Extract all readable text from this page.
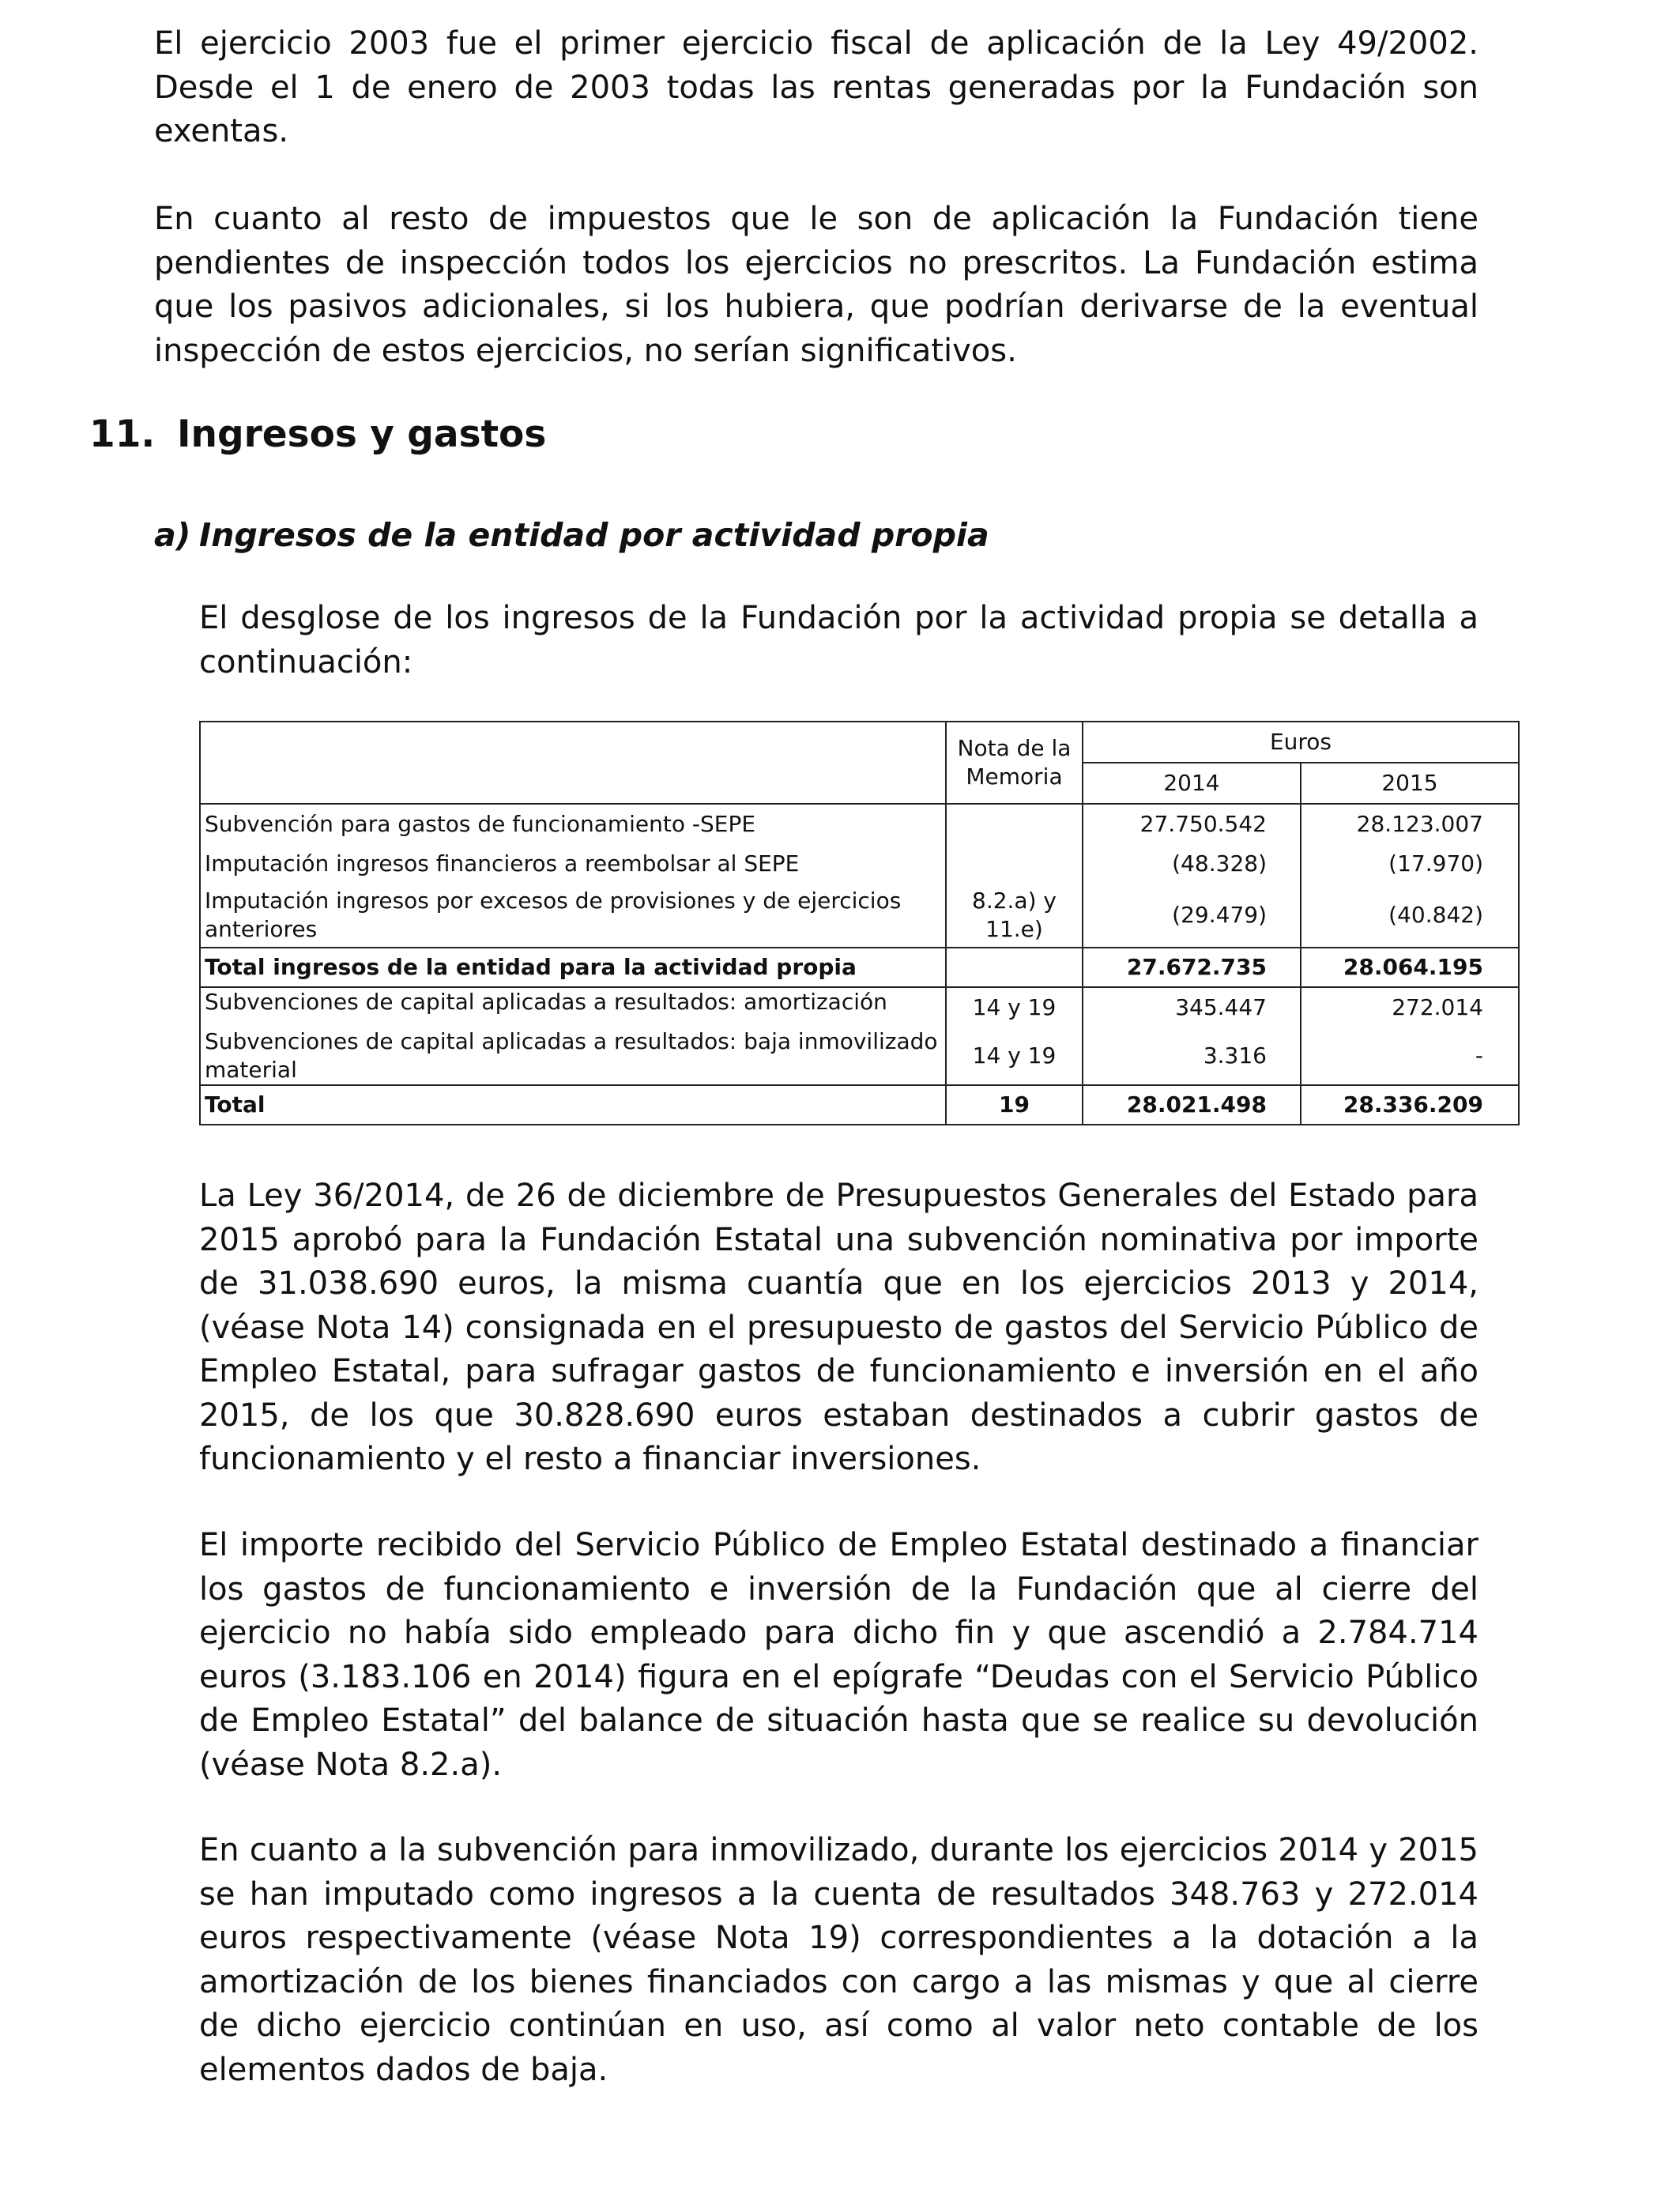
El ejercicio 2003 fue el primer ejercicio fiscal de aplicación de la Ley 49/2002. Desde el 1 de enero de 2003 todas las rentas generadas por la Fundación son exentas.

En cuanto al resto de impuestos que le son de aplicación la Fundación tiene pendientes de inspección todos los ejercicios no prescritos. La Fundación estima que los pasivos adicionales, si los hubiera, que podrían derivarse de la eventual inspección de estos ejercicios, no serían significativos.

11. Ingresos y gastos
a) Ingresos de la entidad por actividad propia

El desglose de los ingresos de la Fundación por la actividad propia se detalla a continuación:

	Nota de la Memoria	Euros	
		2014	2015
Subvención para gastos de funcionamiento -SEPE		27.750.542	28.123.007
Imputación ingresos financieros a reembolsar al SEPE		(48.328)	(17.970)
Imputación ingresos por excesos de provisiones y de ejercicios anteriores	8.2.a) y 11.e)	(29.479)	(40.842)
Total ingresos de la entidad para la actividad propia		27.672.735	28.064.195
Subvenciones de capital aplicadas a resultados: amortización	14 y 19	345.447	272.014
Subvenciones de capital aplicadas a resultados: baja inmovilizado material	14 y 19	3.316	-
Total	19	28.021.498	28.336.209

La Ley 36/2014, de 26 de diciembre de Presupuestos Generales del Estado para 2015 aprobó para la Fundación Estatal una subvención nominativa por importe de 31.038.690 euros, la misma cuantía que en los ejercicios 2013 y 2014, (véase Nota 14) consignada en el presupuesto de gastos del Servicio Público de Empleo Estatal, para sufragar gastos de funcionamiento e inversión en el año 2015, de los que 30.828.690 euros estaban destinados a cubrir gastos de funcionamiento y el resto a financiar inversiones.

El importe recibido del Servicio Público de Empleo Estatal destinado a financiar los gastos de funcionamiento e inversión de la Fundación que al cierre del ejercicio no había sido empleado para dicho fin y que ascendió a 2.784.714 euros (3.183.106 en 2014) figura en el epígrafe “Deudas con el Servicio Público de Empleo Estatal” del balance de situación hasta que se realice su devolución (véase Nota 8.2.a).

En cuanto a la subvención para inmovilizado, durante los ejercicios 2014 y 2015 se han imputado como ingresos a la cuenta de resultados 348.763 y 272.014 euros respectivamente (véase Nota 19) correspondientes a la dotación a la amortización de los bienes financiados con cargo a las mismas y que al cierre de dicho ejercicio continúan en uso, así como al valor neto contable de los elementos dados de baja.
